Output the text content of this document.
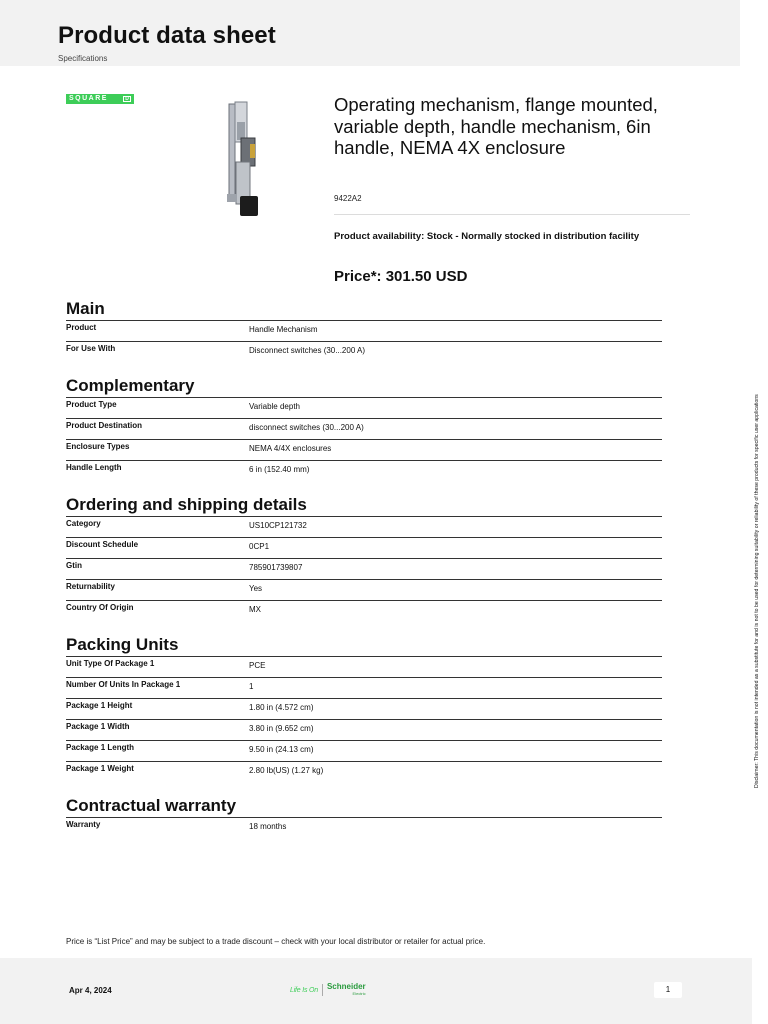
Product data sheet
Specifications
SQUARE	D	Operating mechanism, flange mounted, variable depth, handle mechanism, 6in handle, NEMA 4X enclosure
9422A2
Product availability: Stock - Normally stocked in distribution facility
Price*: 301.50 USD
Main
Product	Handle Mechanism
For Use With	Disconnect switches (30...200 A)
Complementary
Product Type	Variable depth
Product Destination	disconnect switches (30...200 A)
Enclosure Types	NEMA 4/4X enclosures
Handle Length	6 in (152.40 mm)
Ordering and shipping details
Category	US10CP121732
Discount Schedule	0CP1
Gtin	785901739807
Returnability	Yes
Country Of Origin	MX
Packing Units
Unit Type Of Package 1	PCE
Number Of Units In Package 1	1
Package 1 Height	1.80 in (4.572 cm)
Package 1 Width	3.80 in (9.652 cm)
Package 1 Length	9.50 in (24.13 cm)
Package 1 Weight	2.80 lb(US) (1.27 kg)
Contractual warranty
Warranty	18 months
Disclaimer: This documentation is not intended as a substitute for and is not to be used for determining suitability or reliability of these products for specific user applications
Price is “List Price” and may be subject to a trade discount – check with your local distributor or retailer for actual price.
Apr 4, 2024	Life Is On Schneider
Electric	1
